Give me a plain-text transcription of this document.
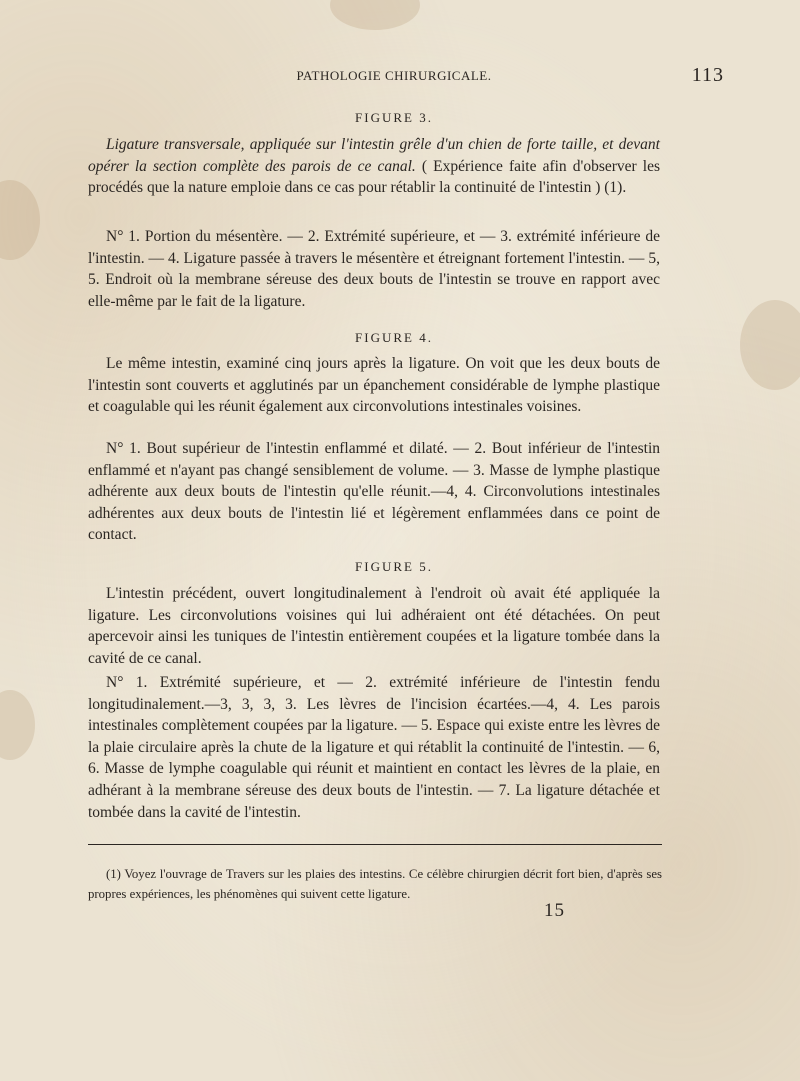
PATHOLOGIE CHIRURGICALE.	113
FIGURE 3.

Ligature transversale, appliquée sur l'intestin grêle d'un chien de forte taille, et devant opérer la section complète des parois de ce canal. ( Expérience faite afin d'observer les procédés que la nature emploie dans ce cas pour rétablir la continuité de l'intestin ) (1).

N° 1. Portion du mésentère. — 2. Extrémité supérieure, et — 3. extrémité inférieure de l'intestin. — 4. Ligature passée à travers le mésentère et étreignant fortement l'intestin. — 5, 5. Endroit où la membrane séreuse des deux bouts de l'intestin se trouve en rapport avec elle-même par le fait de la ligature.

FIGURE 4.

Le même intestin, examiné cinq jours après la ligature. On voit que les deux bouts de l'intestin sont couverts et agglutinés par un épanchement considérable de lymphe plastique et coagulable qui les réunit également aux circonvolutions intestinales voisines.

N° 1. Bout supérieur de l'intestin enflammé et dilaté. — 2. Bout inférieur de l'intestin enflammé et n'ayant pas changé sensiblement de volume. — 3. Masse de lymphe plastique adhérente aux deux bouts de l'intestin qu'elle réunit.—4, 4. Circonvolutions intestinales adhérentes aux deux bouts de l'intestin lié et légèrement enflammées dans ce point de contact.

FIGURE 5.

L'intestin précédent, ouvert longitudinalement à l'endroit où avait été appliquée la ligature. Les circonvolutions voisines qui lui adhéraient ont été détachées. On peut apercevoir ainsi les tuniques de l'intestin entièrement coupées et la ligature tombée dans la cavité de ce canal.

N° 1. Extrémité supérieure, et — 2. extrémité inférieure de l'intestin fendu longitudinalement.—3, 3, 3, 3. Les lèvres de l'incision écartées.—4, 4. Les parois intestinales complètement coupées par la ligature. — 5. Espace qui existe entre les lèvres de la plaie circulaire après la chute de la ligature et qui rétablit la continuité de l'intestin. — 6, 6. Masse de lymphe coagulable qui réunit et maintient en contact les lèvres de la plaie, en adhérant à la membrane séreuse des deux bouts de l'intestin. — 7. La ligature détachée et tombée dans la cavité de l'intestin.

(1) Voyez l'ouvrage de Travers sur les plaies des intestins. Ce célèbre chirurgien décrit fort bien, d'après ses propres expériences, les phénomènes qui suivent cette ligature.

15
